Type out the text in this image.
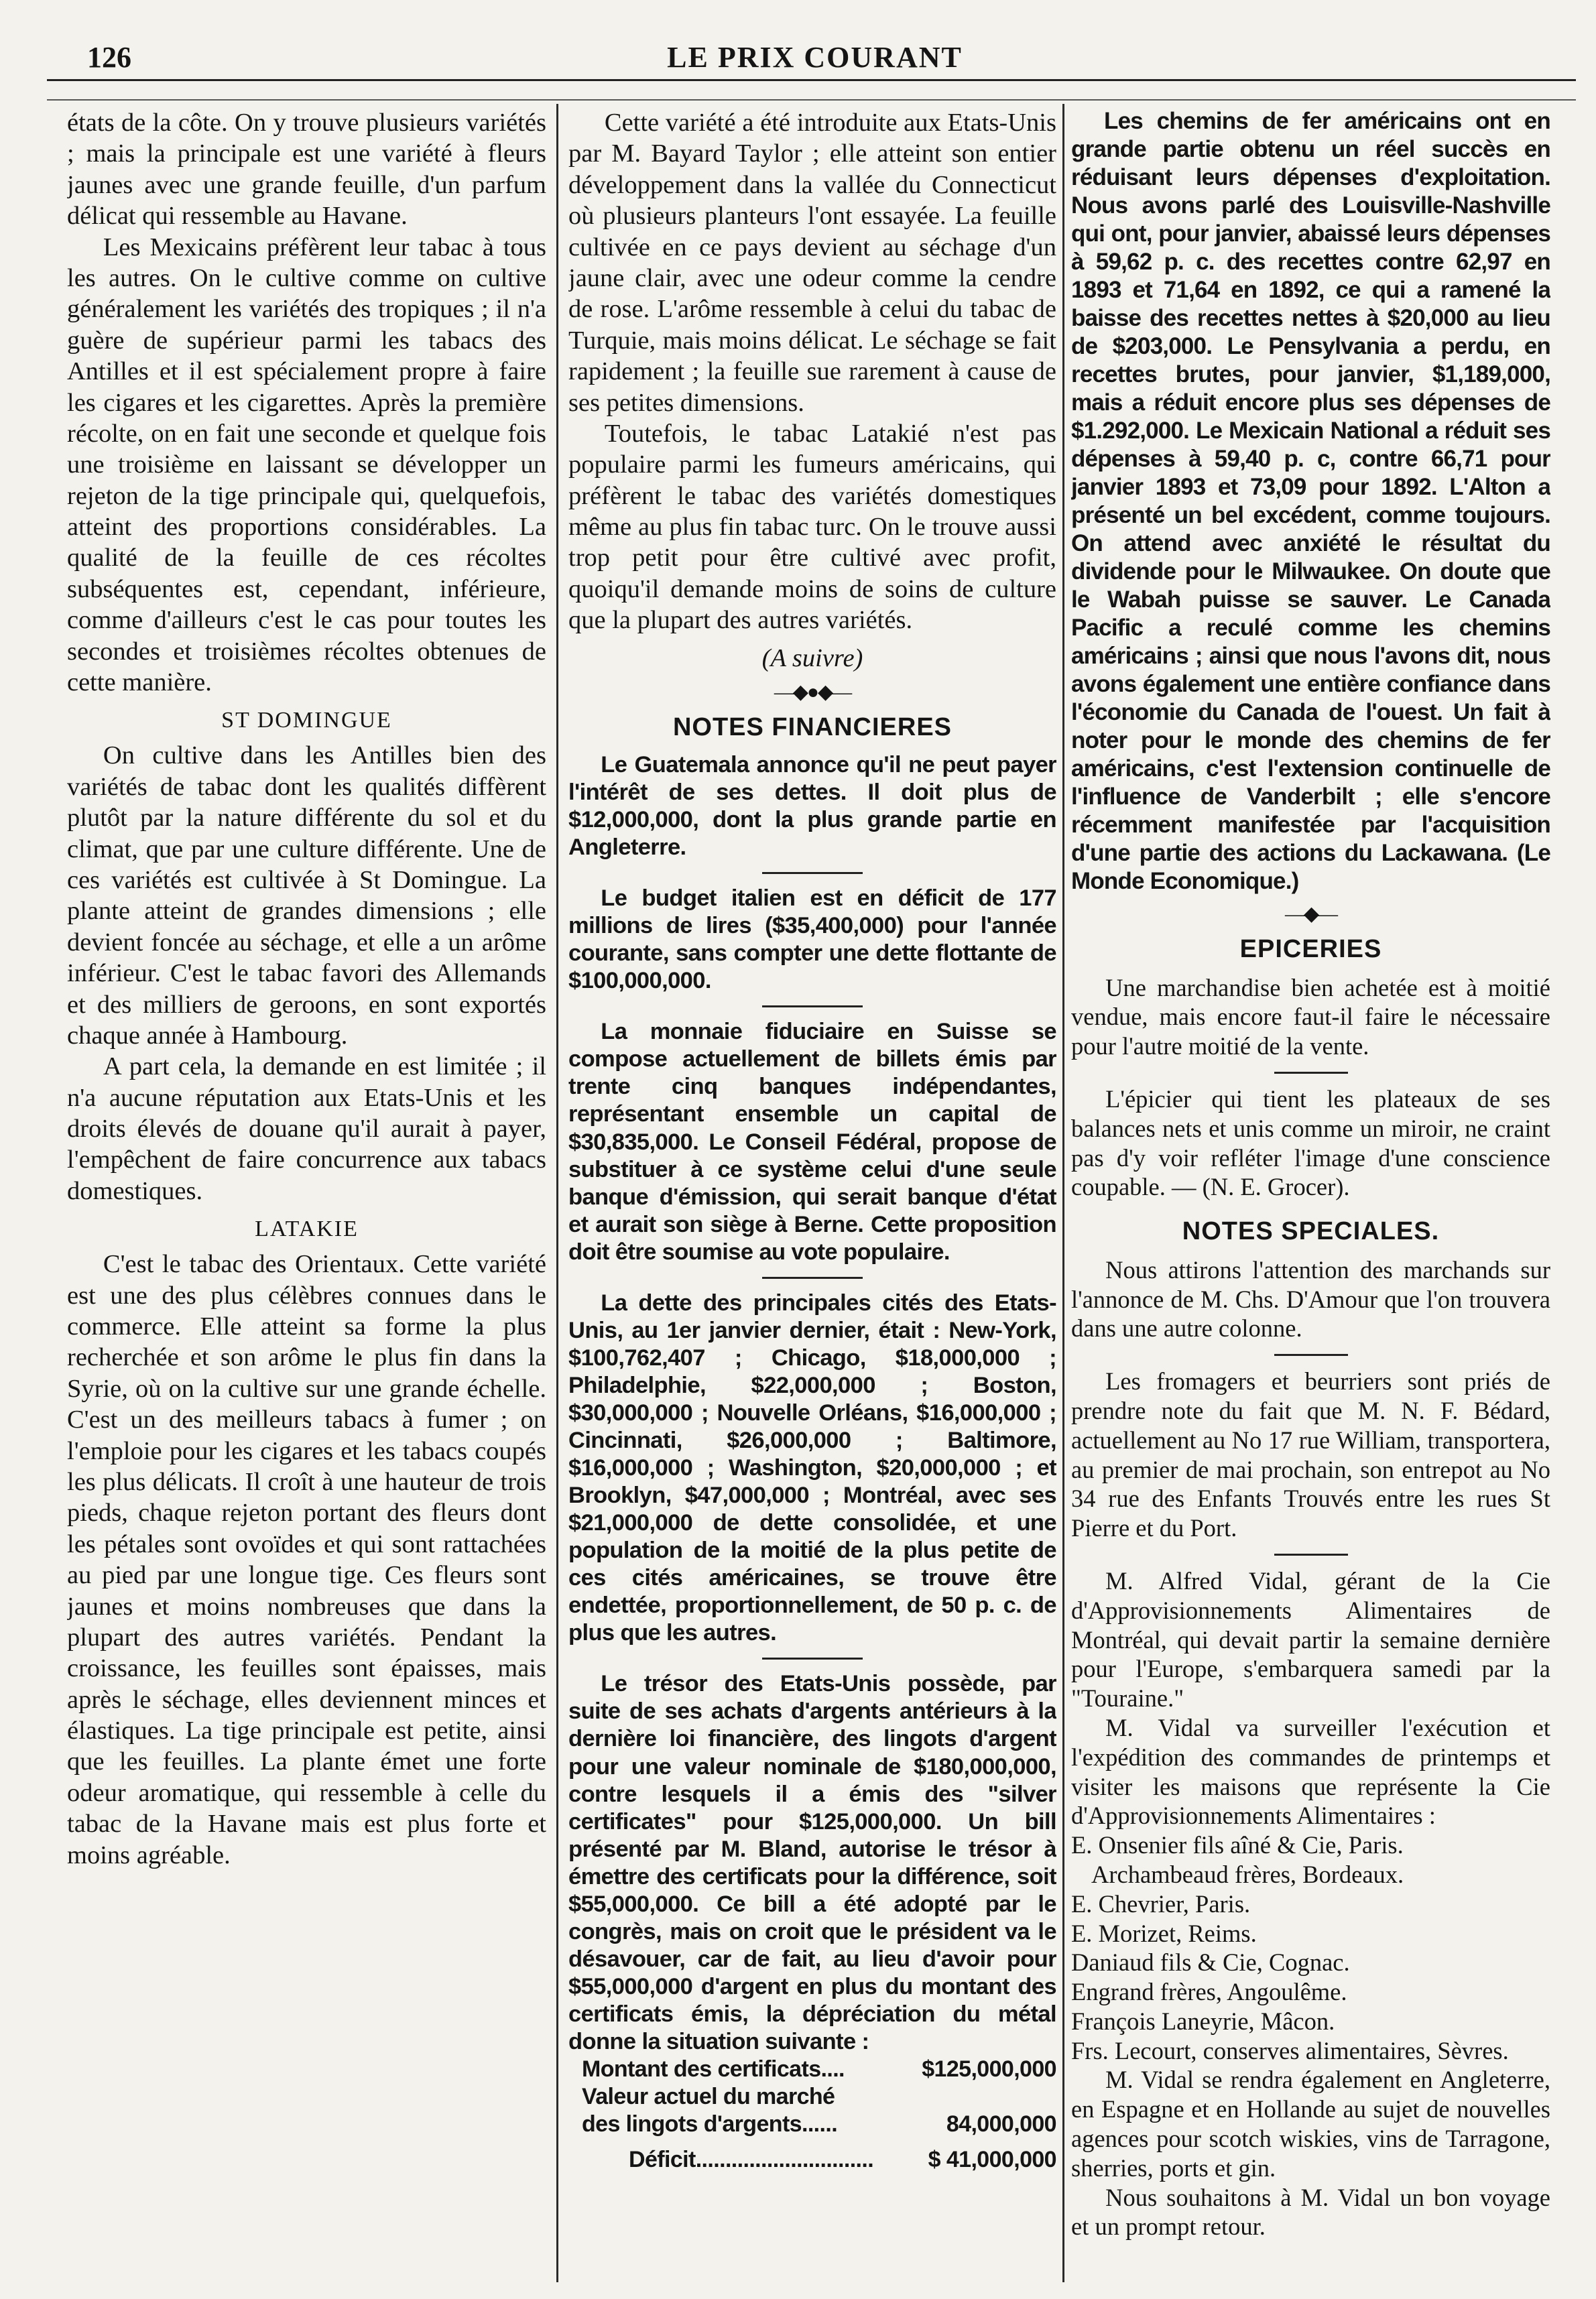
126	LE PRIX COURANT

états de la côte. On y trouve plusieurs variétés ; mais la principale est une variété à fleurs jaunes avec une grande feuille, d'un parfum délicat qui ressemble au Havane.

Les Mexicains préfèrent leur tabac à tous les autres. On le cultive comme on cultive généralement les variétés des tropiques ; il n'a guère de supérieur parmi les tabacs des Antilles et il est spécialement propre à faire les cigares et les cigarettes. Après la première récolte, on en fait une seconde et quelque fois une troisième en laissant se développer un rejeton de la tige principale qui, quelquefois, atteint des proportions considérables. La qualité de la feuille de ces récoltes subséquentes est, cependant, inférieure, comme d'ailleurs c'est le cas pour toutes les secondes et troisièmes récoltes obtenues de cette manière.

ST DOMINGUE

On cultive dans les Antilles bien des variétés de tabac dont les qualités diffèrent plutôt par la nature différente du sol et du climat, que par une culture différente. Une de ces variétés est cultivée à St Domingue. La plante atteint de grandes dimensions ; elle devient foncée au séchage, et elle a un arôme inférieur. C'est le tabac favori des Allemands et des milliers de geroons, en sont exportés chaque année à Hambourg.

A part cela, la demande en est limitée ; il n'a aucune réputation aux Etats-Unis et les droits élevés de douane qu'il aurait à payer, l'empêchent de faire concurrence aux tabacs domestiques.

LATAKIE

C'est le tabac des Orientaux. Cette variété est une des plus célèbres connues dans le commerce. Elle atteint sa forme la plus recherchée et son arôme le plus fin dans la Syrie, où on la cultive sur une grande échelle. C'est un des meilleurs tabacs à fumer ; on l'emploie pour les cigares et les tabacs coupés les plus délicats. Il croît à une hauteur de trois pieds, chaque rejeton portant des fleurs dont les pétales sont ovoïdes et qui sont rattachées au pied par une longue tige. Ces fleurs sont jaunes et moins nombreuses que dans la plupart des autres variétés. Pendant la croissance, les feuilles sont épaisses, mais après le séchage, elles deviennent minces et élastiques. La tige principale est petite, ainsi que les feuilles. La plante émet une forte odeur aromatique, qui ressemble à celle du tabac de la Havane mais est plus forte et moins agréable.

Cette variété a été introduite aux Etats-Unis par M. Bayard Taylor ; elle atteint son entier développement dans la vallée du Connecticut où plusieurs planteurs l'ont essayée. La feuille cultivée en ce pays devient au séchage d'un jaune clair, avec une odeur comme la cendre de rose. L'arôme ressemble à celui du tabac de Turquie, mais moins délicat. Le séchage se fait rapidement ; la feuille sue rarement à cause de ses petites dimensions.

Toutefois, le tabac Latakié n'est pas populaire parmi les fumeurs américains, qui préfèrent le tabac des variétés domestiques même au plus fin tabac turc. On le trouve aussi trop petit pour être cultivé avec profit, quoiqu'il demande moins de soins de culture que la plupart des autres variétés.

(A suivre)
—◆●◆—
NOTES FINANCIERES

Le Guatemala annonce qu'il ne peut payer l'intérêt de ses dettes. Il doit plus de $12,000,000, dont la plus grande partie en Angleterre.

Le budget italien est en déficit de 177 millions de lires ($35,400,000) pour l'année courante, sans compter une dette flottante de $100,000,000.

La monnaie fiduciaire en Suisse se compose actuellement de billets émis par trente cinq banques indépendantes, représentant ensemble un capital de $30,835,000. Le Conseil Fédéral, propose de substituer à ce système celui d'une seule banque d'émission, qui serait banque d'état et aurait son siège à Berne. Cette proposition doit être soumise au vote populaire.

La dette des principales cités des Etats-Unis, au 1er janvier dernier, était : New-York, $100,762,407 ; Chicago, $18,000,000 ; Philadelphie, $22,000,000 ; Boston, $30,000,000 ; Nouvelle Orléans, $16,000,000 ; Cincinnati, $26,000,000 ; Baltimore, $16,000,000 ; Washington, $20,000,000 ; et Brooklyn, $47,000,000 ; Montréal, avec ses $21,000,000 de dette consolidée, et une population de la moitié de la plus petite de ces cités américaines, se trouve être endettée, proportionnellement, de 50 p. c. de plus que les autres.

Le trésor des Etats-Unis possède, par suite de ses achats d'argents antérieurs à la dernière loi financière, des lingots d'argent pour une valeur nominale de $180,000,000, contre lesquels il a émis des "silver certificates" pour $125,000,000. Un bill présenté par M. Bland, autorise le trésor à émettre des certificats pour la différence, soit $55,000,000. Ce bill a été adopté par le congrès, mais on croit que le président va le désavouer, car de fait, au lieu d'avoir pour $55,000,000 d'argent en plus du montant des certificats émis, la dépréciation du métal donne la situation suivante :

Montant des certificats....	$125,000,000
Valeur actuel du marché
des lingots d'argents......	84,000,000
Déficit.............................. $ 41,000,000

Les chemins de fer américains ont en grande partie obtenu un réel succès en réduisant leurs dépenses d'exploitation. Nous avons parlé des Louisville-Nashville qui ont, pour janvier, abaissé leurs dépenses à 59,62 p. c. des recettes contre 62,97 en 1893 et 71,64 en 1892, ce qui a ramené la baisse des recettes nettes à $20,000 au lieu de $203,000. Le Pensylvania a perdu, en recettes brutes, pour janvier, $1,189,000, mais a réduit encore plus ses dépenses de $1.292,000. Le Mexicain National a réduit ses dépenses à 59,40 p. c, contre 66,71 pour janvier 1893 et 73,09 pour 1892. L'Alton a présenté un bel excédent, comme toujours. On attend avec anxiété le résultat du dividende pour le Milwaukee. On doute que le Wabah puisse se sauver. Le Canada Pacific a reculé comme les chemins américains ; ainsi que nous l'avons dit, nous avons également une entière confiance dans l'économie du Canada de l'ouest. Un fait à noter pour le monde des chemins de fer américains, c'est l'extension continuelle de l'influence de Vanderbilt ; elle s'encore récemment manifestée par l'acquisition d'une partie des actions du Lackawana. (Le Monde Economique.)

—◆—
EPICERIES

Une marchandise bien achetée est à moitié vendue, mais encore faut-il faire le nécessaire pour l'autre moitié de la vente.

L'épicier qui tient les plateaux de ses balances nets et unis comme un miroir, ne craint pas d'y voir refléter l'image d'une conscience coupable. — (N. E. Grocer).

NOTES SPECIALES.

Nous attirons l'attention des marchands sur l'annonce de M. Chs. D'Amour que l'on trouvera dans une autre colonne.

Les fromagers et beurriers sont priés de prendre note du fait que M. N. F. Bédard, actuellement au No 17 rue William, transportera, au premier de mai prochain, son entrepot au No 34 rue des Enfants Trouvés entre les rues St Pierre et du Port.

M. Alfred Vidal, gérant de la Cie d'Approvisionnements Alimentaires de Montréal, qui devait partir la semaine dernière pour l'Europe, s'embarquera samedi par la "Touraine."

M. Vidal va surveiller l'exécution et l'expédition des commandes de printemps et visiter les maisons que représente la Cie d'Approvisionnements Alimentaires :

E. Onsenier fils aîné & Cie, Paris.

Archambeaud frères, Bordeaux.

E. Chevrier, Paris.

E. Morizet, Reims.

Daniaud fils & Cie, Cognac.

Engrand frères, Angoulême.

François Laneyrie, Mâcon.

Frs. Lecourt, conserves alimentaires, Sèvres.

M. Vidal se rendra également en Angleterre, en Espagne et en Hollande au sujet de nouvelles agences pour scotch wiskies, vins de Tarragone, sherries, ports et gin.

Nous souhaitons à M. Vidal un bon voyage et un prompt retour.
